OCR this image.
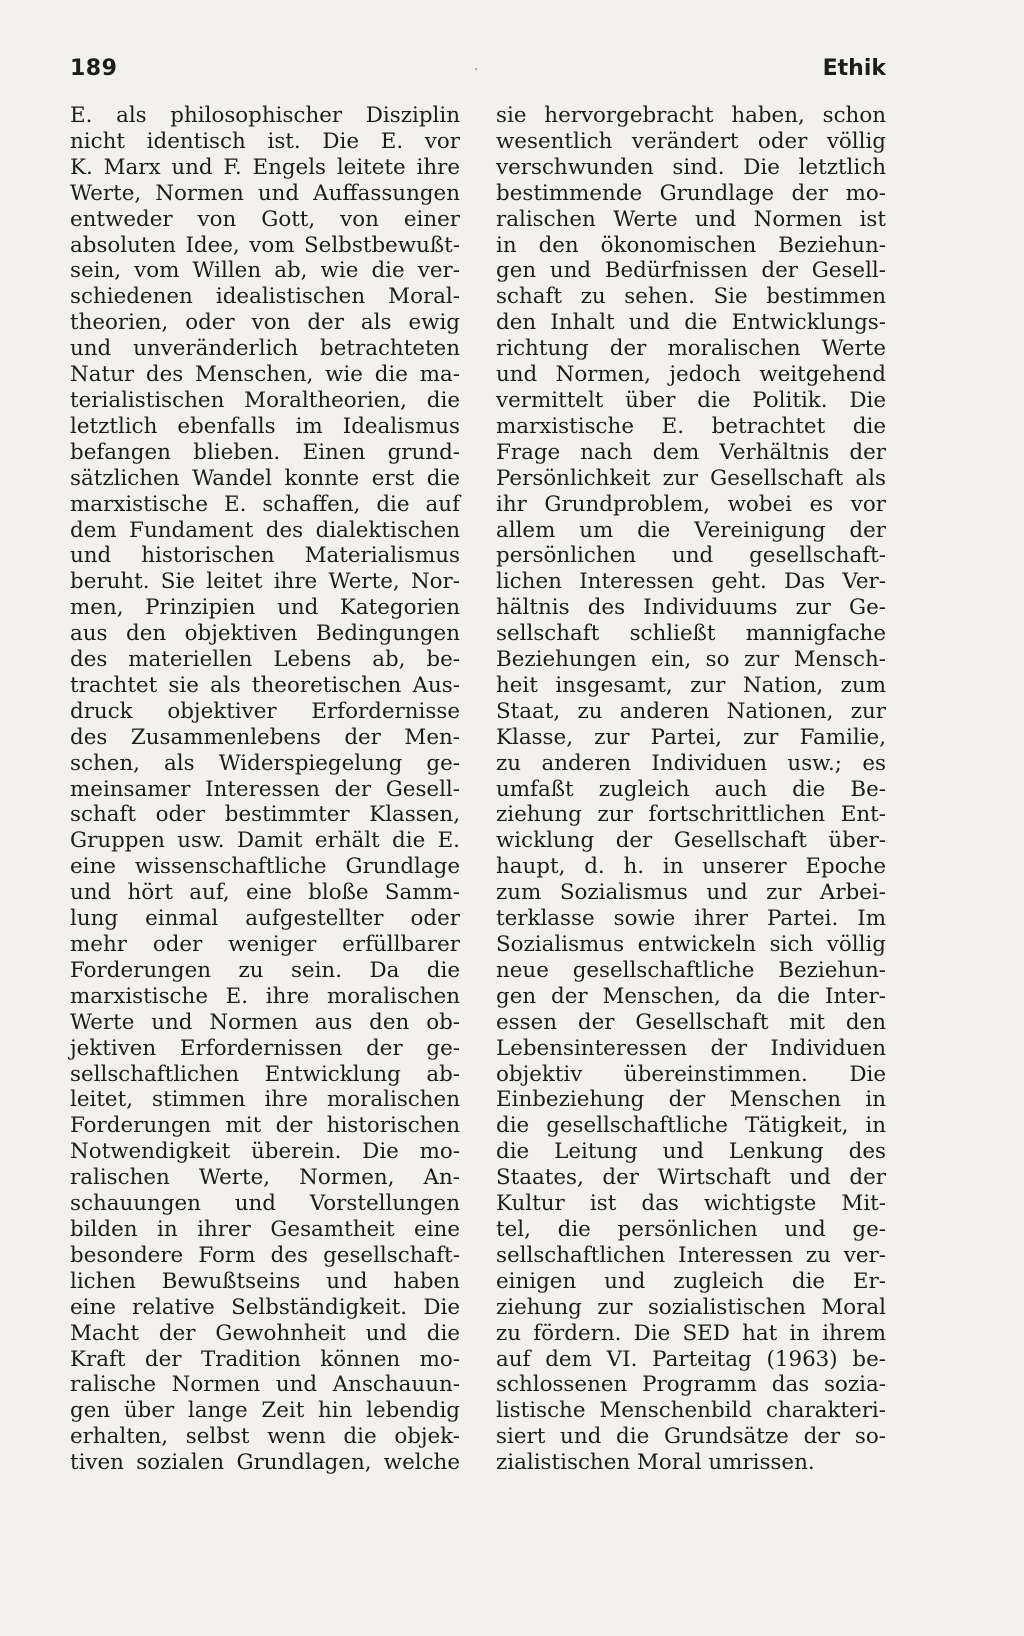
189	·	Ethik
E. als philosophischer Disziplin
nicht identisch ist. Die E. vor
K. Marx und F. Engels leitete ihre
Werte, Normen und Auffassungen
entweder von Gott, von einer
absoluten Idee, vom Selbstbewußt-
sein, vom Willen ab, wie die ver-
schiedenen idealistischen Moral-
theorien, oder von der als ewig
und unveränderlich betrachteten
Natur des Menschen, wie die ma-
terialistischen Moraltheorien, die
letztlich ebenfalls im Idealismus
befangen blieben. Einen grund-
sätzlichen Wandel konnte erst die
marxistische E. schaffen, die auf
dem Fundament des dialektischen
und historischen Materialismus
beruht. Sie leitet ihre Werte, Nor-
men, Prinzipien und Kategorien
aus den objektiven Bedingungen
des materiellen Lebens ab, be-
trachtet sie als theoretischen Aus-
druck objektiver Erfordernisse
des Zusammenlebens der Men-
schen, als Widerspiegelung ge-
meinsamer Interessen der Gesell-
schaft oder bestimmter Klassen,
Gruppen usw. Damit erhält die E.
eine wissenschaftliche Grundlage
und hört auf, eine bloße Samm-
lung einmal aufgestellter oder
mehr oder weniger erfüllbarer
Forderungen zu sein. Da die
marxistische E. ihre moralischen
Werte und Normen aus den ob-
jektiven Erfordernissen der ge-
sellschaftlichen Entwicklung ab-
leitet, stimmen ihre moralischen
Forderungen mit der historischen
Notwendigkeit überein. Die mo-
ralischen Werte, Normen, An-
schauungen und Vorstellungen
bilden in ihrer Gesamtheit eine
besondere Form des gesellschaft-
lichen Bewußtseins und haben
eine relative Selbständigkeit. Die
Macht der Gewohnheit und die
Kraft der Tradition können mo-
ralische Normen und Anschauun-
gen über lange Zeit hin lebendig
erhalten, selbst wenn die objek-
tiven sozialen Grundlagen, welche
sie hervorgebracht haben, schon
wesentlich verändert oder völlig
verschwunden sind. Die letztlich
bestimmende Grundlage der mo-
ralischen Werte und Normen ist
in den ökonomischen Beziehun-
gen und Bedürfnissen der Gesell-
schaft zu sehen. Sie bestimmen
den Inhalt und die Entwicklungs-
richtung der moralischen Werte
und Normen, jedoch weitgehend
vermittelt über die Politik. Die
marxistische E. betrachtet die
Frage nach dem Verhältnis der
Persönlichkeit zur Gesellschaft als
ihr Grundproblem, wobei es vor
allem um die Vereinigung der
persönlichen und gesellschaft-
lichen Interessen geht. Das Ver-
hältnis des Individuums zur Ge-
sellschaft schließt mannigfache
Beziehungen ein, so zur Mensch-
heit insgesamt, zur Nation, zum
Staat, zu anderen Nationen, zur
Klasse, zur Partei, zur Familie,
zu anderen Individuen usw.; es
umfaßt zugleich auch die Be-
ziehung zur fortschrittlichen Ent-
wicklung der Gesellschaft über-
haupt, d. h. in unserer Epoche
zum Sozialismus und zur Arbei-
terklasse sowie ihrer Partei. Im
Sozialismus entwickeln sich völlig
neue gesellschaftliche Beziehun-
gen der Menschen, da die Inter-
essen der Gesellschaft mit den
Lebensinteressen der Individuen
objektiv übereinstimmen. Die
Einbeziehung der Menschen in
die gesellschaftliche Tätigkeit, in
die Leitung und Lenkung des
Staates, der Wirtschaft und der
Kultur ist das wichtigste Mit-
tel, die persönlichen und ge-
sellschaftlichen Interessen zu ver-
einigen und zugleich die Er-
ziehung zur sozialistischen Moral
zu fördern. Die SED hat in ihrem
auf dem VI. Parteitag (1963) be-
schlossenen Programm das sozia-
listische Menschenbild charakteri-
siert und die Grundsätze der so-
zialistischen Moral umrissen.
